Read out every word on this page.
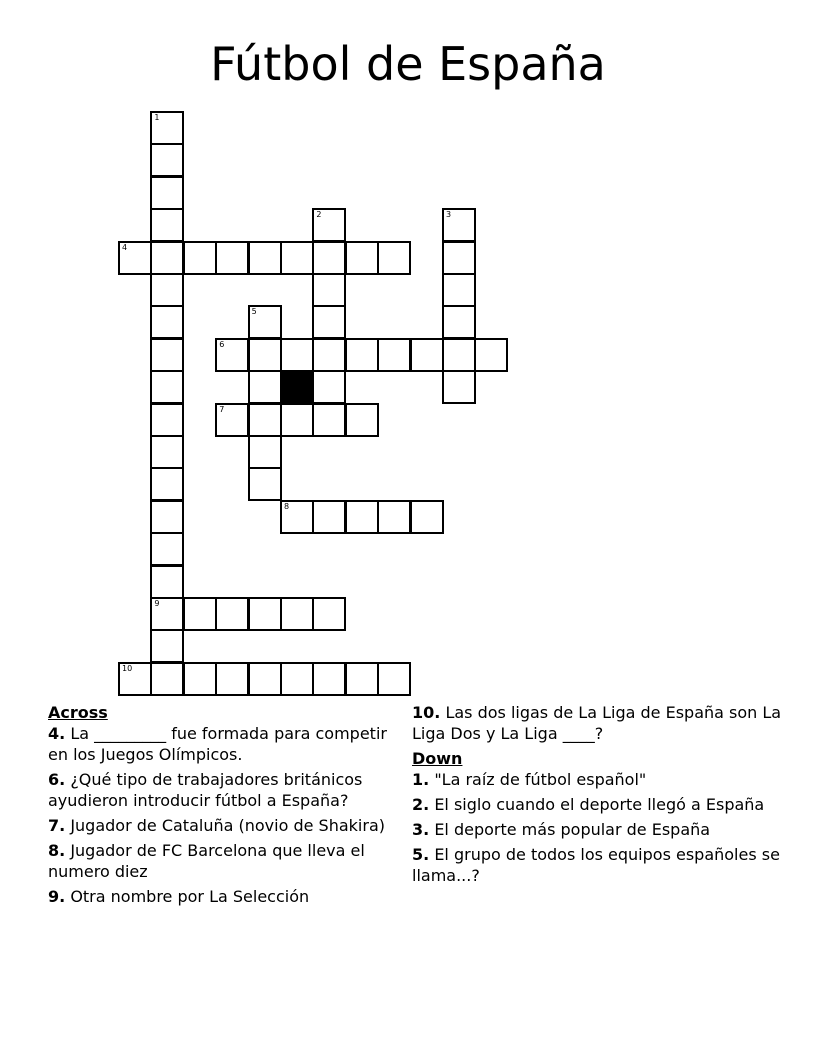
Fútbol de España
1
9
2	3
4
5
6
7
8
10
Across
4. La _________ fue formada para competir en los Juegos Olímpicos.
6. ¿Qué tipo de trabajadores británicos ayudieron introducir fútbol a España?
7. Jugador de Cataluña (novio de Shakira)
8. Jugador de FC Barcelona que lleva el numero diez
9. Otra nombre por La Selección
10. Las dos ligas de La Liga de España son La Liga Dos y La Liga ____?
Down
1. "La raíz de fútbol español"
2. El siglo cuando el deporte llegó a España
3. El deporte más popular de España
5. El grupo de todos los equipos españoles se llama...?
